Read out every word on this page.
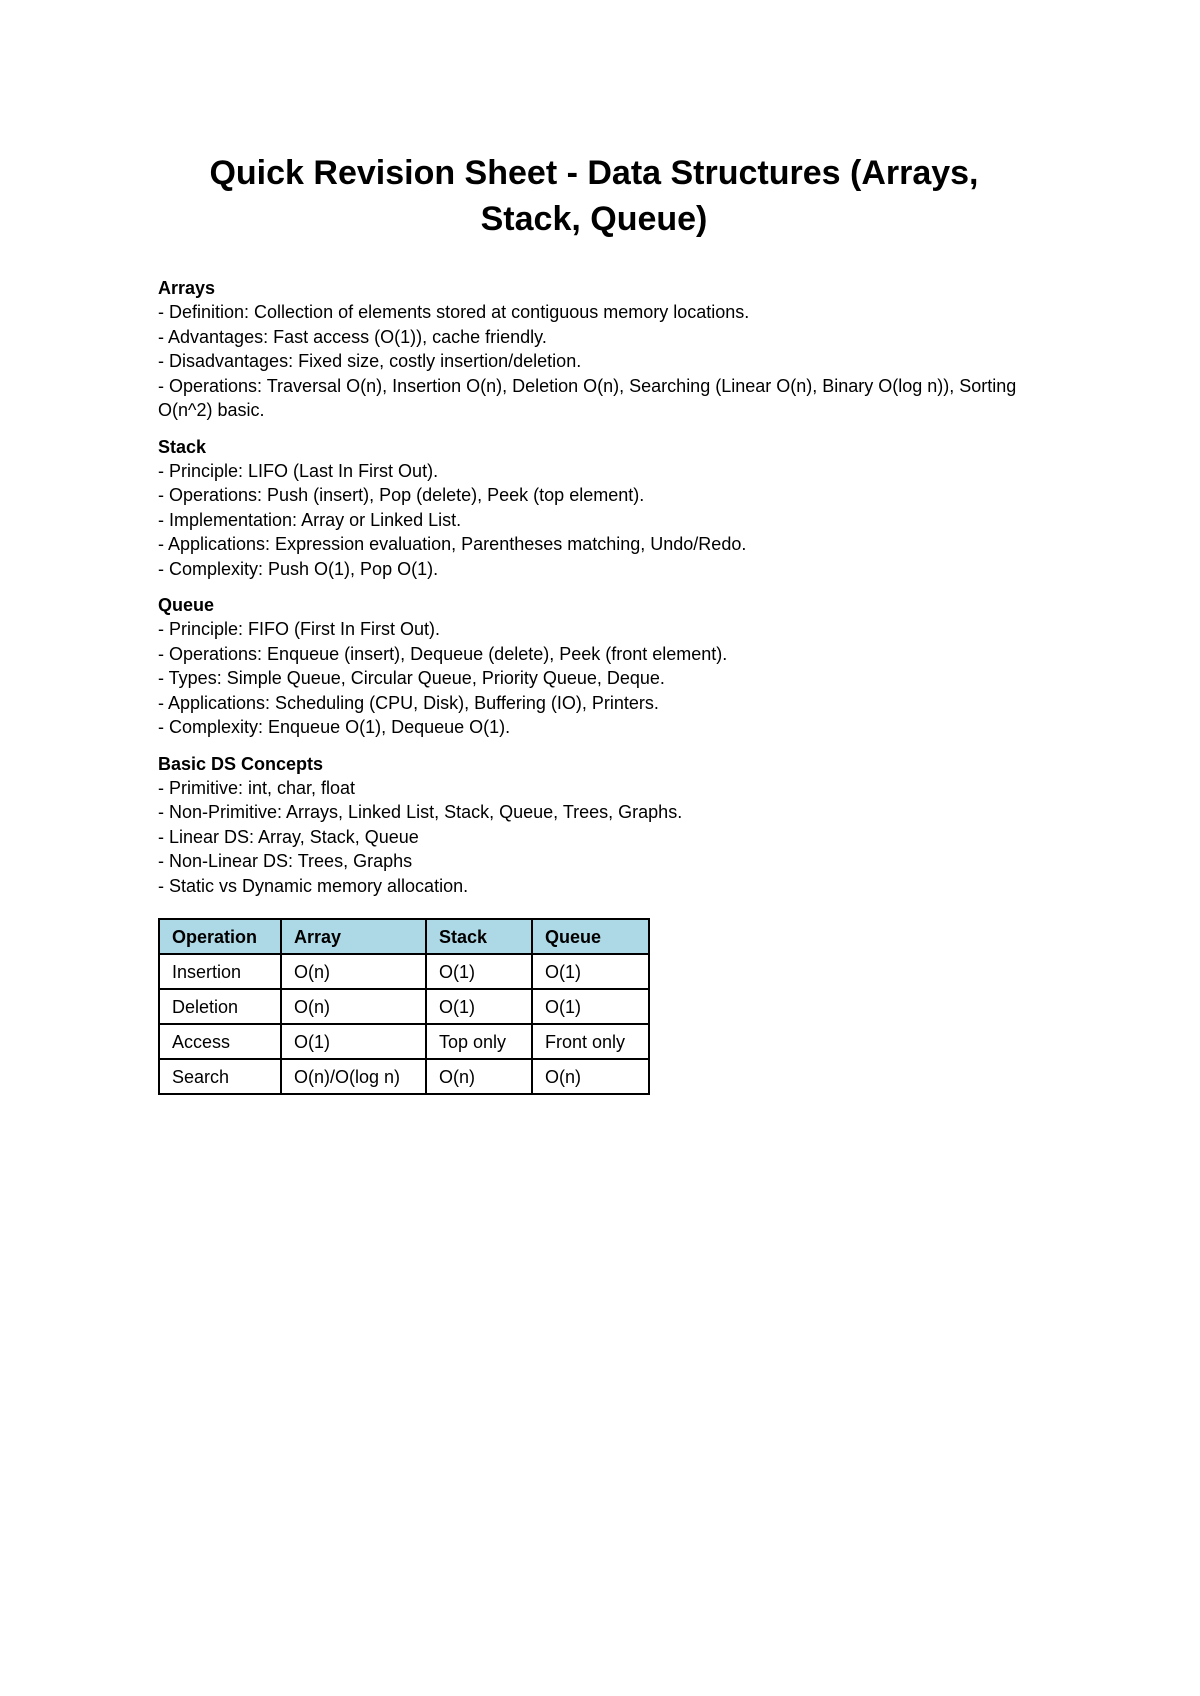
Quick Revision Sheet - Data Structures (Arrays, Stack, Queue)

Arrays

- Definition: Collection of elements stored at contiguous memory locations.

- Advantages: Fast access (O(1)), cache friendly.

- Disadvantages: Fixed size, costly insertion/deletion.

- Operations: Traversal O(n), Insertion O(n), Deletion O(n), Searching (Linear O(n), Binary O(log n)), Sorting O(n^2) basic.

Stack

- Principle: LIFO (Last In First Out).

- Operations: Push (insert), Pop (delete), Peek (top element).

- Implementation: Array or Linked List.

- Applications: Expression evaluation, Parentheses matching, Undo/Redo.

- Complexity: Push O(1), Pop O(1).

Queue

- Principle: FIFO (First In First Out).

- Operations: Enqueue (insert), Dequeue (delete), Peek (front element).

- Types: Simple Queue, Circular Queue, Priority Queue, Deque.

- Applications: Scheduling (CPU, Disk), Buffering (IO), Printers.

- Complexity: Enqueue O(1), Dequeue O(1).

Basic DS Concepts

- Primitive: int, char, float

- Non-Primitive: Arrays, Linked List, Stack, Queue, Trees, Graphs.

- Linear DS: Array, Stack, Queue

- Non-Linear DS: Trees, Graphs

- Static vs Dynamic memory allocation.

Operation	Array	Stack	Queue
Insertion	O(n)	O(1)	O(1)
Deletion	O(n)	O(1)	O(1)
Access	O(1)	Top only	Front only
Search	O(n)/O(log n)	O(n)	O(n)
